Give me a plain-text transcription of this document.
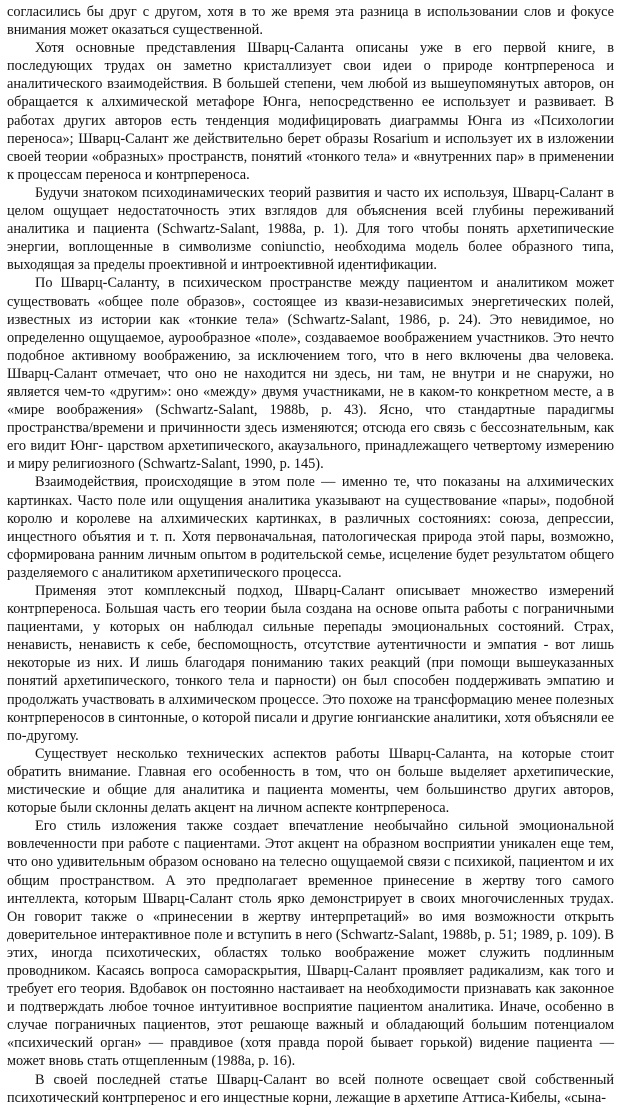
согласились бы друг с другом, хотя в то же время эта разница в использовании слов и фокусе внимания может оказаться существенной.

Хотя основные представления Шварц-Саланта описаны уже в его первой книге, в последующих трудах он заметно кристаллизует свои идеи о природе контрпереноса и аналитического взаимодействия. В большей степени, чем любой из вышеупомянутых авторов, он обращается к алхимической метафоре Юнга, непосредственно ее использует и развивает. В работах других авторов есть тенденция модифицировать диаграммы Юнга из «Психологии переноса»; Шварц-Салант же действительно берет образы Rosarium и использует их в изложении своей теории «образных» пространств, понятий «тонкого тела» и «внутренних пар» в применении к процессам переноса и контрпереноса.

Будучи знатоком психодинамических теорий развития и часто их используя, Шварц-Салант в целом ощущает недостаточность этих взглядов для объяснения всей глубины переживаний аналитика и пациента (Schwartz-Salant, 1988a, p. 1). Для того чтобы понять архетипические энергии, воплощенные в символизме coniunctio, необходима модель более образного типа, выходящая за пределы проективной и интроективной идентификации.

По Шварц-Саланту, в психическом пространстве между пациентом и аналитиком может существовать «общее поле образов», состоящее из квази-независимых энергетических полей, известных из истории как «тонкие тела» (Schwartz-Salant, 1986, p. 24). Это невидимое, но определенно ощущаемое, аурообразное «поле», создаваемое воображением участников. Это нечто подобное активному воображению, за исключением того, что в него включены два человека. Шварц-Салант отмечает, что оно не находится ни здесь, ни там, не внутри и не снаружи, но является чем-то «другим»: оно «между» двумя участниками, не в каком-то конкретном месте, а в «мире воображения» (Schwartz-Salant, 1988b, p. 43). Ясно, что стандартные парадигмы пространства/времени и причинности здесь изменяются; отсюда его связь с бессознательным, как его видит Юнг- царством архетипического, акаузального, принадлежащего четвертому измерению и миру религиозного (Schwartz-Salant, 1990, p. 145).

Взаимодействия, происходящие в этом поле — именно те, что показаны на алхимических картинках. Часто поле или ощущения аналитика указывают на существование «пары», подобной королю и королеве на алхимических картинках, в различных состояниях: союза, депрессии, инцестного объятия и т. п. Хотя первоначальная, патологическая природа этой пары, возможно, сформирована ранним личным опытом в родительской семье, исцеление будет результатом общего разделяемого с аналитиком архетипического процесса.

Применяя этот комплексный подход, Шварц-Салант описывает множество измерений контрпереноса. Большая часть его теории была создана на основе опыта работы с пограничными пациентами, у которых он наблюдал сильные перепады эмоциональных состояний. Страх, ненависть, ненависть к себе, беспомощность, отсутствие аутентичности и эмпатия - вот лишь некоторые из них. И лишь благодаря пониманию таких реакций (при помощи вышеуказанных понятий архетипического, тонкого тела и парности) он был способен поддерживать эмпатию и продолжать участвовать в алхимическом процессе. Это похоже на трансформацию менее полезных контрпереносов в синтонные, о которой писали и другие юнгианские аналитики, хотя объясняли ее по-другому.

Существует несколько технических аспектов работы Шварц-Саланта, на которые стоит обратить внимание. Главная его особенность в том, что он больше выделяет архетипические, мистические и общие для аналитика и пациента моменты, чем большинство других авторов, которые были склонны делать акцент на личном аспекте контрпереноса.

Его стиль изложения также создает впечатление необычайно сильной эмоциональной вовлеченности при работе с пациентами. Этот акцент на образном восприятии уникален еще тем, что оно удивительным образом основано на телесно ощущаемой связи с психикой, пациентом и их общим пространством. А это предполагает временное принесение в жертву того самого интеллекта, которым Шварц-Салант столь ярко демонстрирует в своих многочисленных трудах. Он говорит также о «принесении в жертву интерпретаций» во имя возможности открыть доверительное интерактивное поле и вступить в него (Schwartz-Salant, 1988b, p. 51; 1989, p. 109). В этих, иногда психотических, областях только воображение может служить подлинным проводником. Касаясь вопроса самораскрытия, Шварц-Салант проявляет радикализм, как того и требует его теория. Вдобавок он постоянно настаивает на необходимости признавать как законное и подтверждать любое точное интуитивное восприятие пациентом аналитика. Иначе, особенно в случае пограничных пациентов, этот решающе важный и обладающий большим потенциалом «психический орган» — правдивое (хотя правда порой бывает горькой) видение пациента — может вновь стать отщепленным (1988a, p. 16).

В своей последней статье Шварц-Салант во всей полноте освещает свой собственный психотический контрперенос и его инцестные корни, лежащие в архетипе Аттиса-Кибелы, «сына-
